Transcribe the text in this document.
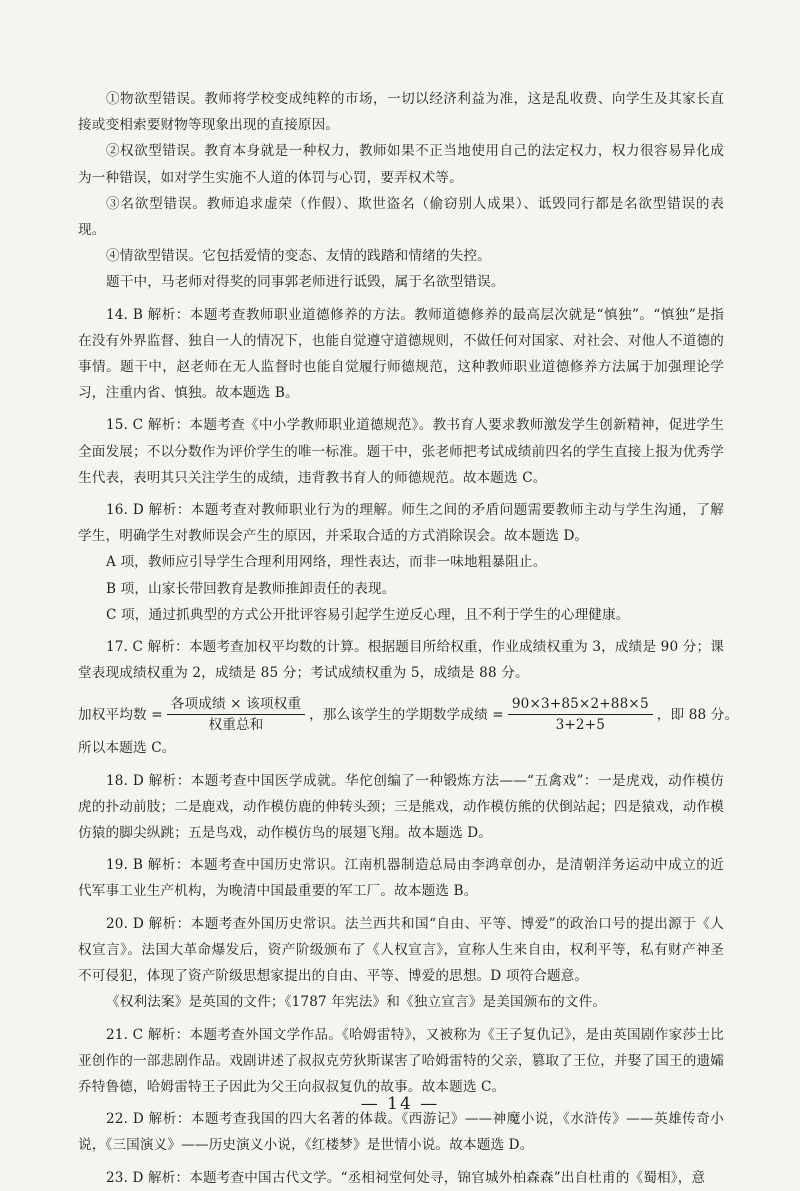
①物欲型错误。教师将学校变成纯粹的市场，一切以经济利益为准，这是乱收费、向学生及其家长直接或变相索要财物等现象出现的直接原因。

②权欲型错误。教育本身就是一种权力，教师如果不正当地使用自己的法定权力，权力很容易异化成为一种错误，如对学生实施不人道的体罚与心罚，要弄权术等。

③名欲型错误。教师追求虚荣（作假）、欺世盗名（偷窃别人成果）、诋毁同行都是名欲型错误的表现。

④情欲型错误。它包括爱情的变态、友情的践踏和情绪的失控。

题干中，马老师对得奖的同事郭老师进行诋毁，属于名欲型错误。

14. B 解析：本题考查教师职业道德修养的方法。教师道德修养的最高层次就是“慎独”。“慎独”是指在没有外界监督、独自一人的情况下，也能自觉遵守道德规则，不做任何对国家、对社会、对他人不道德的事情。题干中，赵老师在无人监督时也能自觉履行师德规范，这种教师职业道德修养方法属于加强理论学习，注重内省、慎独。故本题选 B。

15. C 解析：本题考查《中小学教师职业道德规范》。教书育人要求教师激发学生创新精神，促进学生全面发展；不以分数作为评价学生的唯一标准。题干中，张老师把考试成绩前四名的学生直接上报为优秀学生代表，表明其只关注学生的成绩，违背教书育人的师德规范。故本题选 C。

16. D 解析：本题考查对教师职业行为的理解。师生之间的矛盾问题需要教师主动与学生沟通，了解学生，明确学生对教师误会产生的原因，并采取合适的方式消除误会。故本题选 D。

A 项，教师应引导学生合理利用网络，理性表达，而非一味地粗暴阻止。

B 项，山家长带回教育是教师推卸责任的表现。

C 项，通过抓典型的方式公开批评容易引起学生逆反心理，且不利于学生的心理健康。

17. C 解析：本题考查加权平均数的计算。根据题目所给权重，作业成绩权重为 3，成绩是 90 分；课堂表现成绩权重为 2，成绩是 85 分；考试成绩权重为 5，成绩是 88 分。

加权平均数 = $\frac{\text{各项成绩 × 该项权重}}{\text{权重总和}}$ ，那么该学生的学期数学成绩 = $\frac{90\times 3+85\times 2+88\times 5}{3+2+5}$ ，即 88 分。

所以本题选 C。

18. D 解析：本题考查中国医学成就。华佗创编了一种锻炼方法——“五禽戏”：一是虎戏，动作模仿虎的扑动前肢；二是鹿戏，动作模仿鹿的伸转头颈；三是熊戏，动作模仿熊的伏倒站起；四是猿戏，动作模仿猿的脚尖纵跳；五是鸟戏，动作模仿鸟的展翅飞翔。故本题选 D。

19. B 解析：本题考查中国历史常识。江南机器制造总局由李鸿章创办，是清朝洋务运动中成立的近代军事工业生产机构，为晚清中国最重要的军工厂。故本题选 B。

20. D 解析：本题考查外国历史常识。法兰西共和国“自由、平等、博爱”的政治口号的提出源于《人权宣言》。法国大革命爆发后，资产阶级颁布了《人权宣言》，宣称人生来自由，权利平等，私有财产神圣不可侵犯，体现了资产阶级思想家提出的自由、平等、博爱的思想。D 项符合题意。

《权利法案》是英国的文件；《1787 年宪法》和《独立宣言》是美国颁布的文件。

21. C 解析：本题考查外国文学作品。《哈姆雷特》，又被称为《王子复仇记》，是由英国剧作家莎士比亚创作的一部悲剧作品。戏剧讲述了叔叔克劳狄斯谋害了哈姆雷特的父亲，篡取了王位，并娶了国王的遗孀乔特鲁德，哈姆雷特王子因此为父王向叔叔复仇的故事。故本题选 C。

22. D 解析：本题考查我国的四大名著的体裁。《西游记》——神魔小说，《水浒传》——英雄传奇小说，《三国演义》——历史演义小说，《红楼梦》是世情小说。故本题选 D。

23. D 解析：本题考查中国古代文学。“丞相祠堂何处寻，锦官城外柏森森”出自杜甫的《蜀相》，意

— 14 —
